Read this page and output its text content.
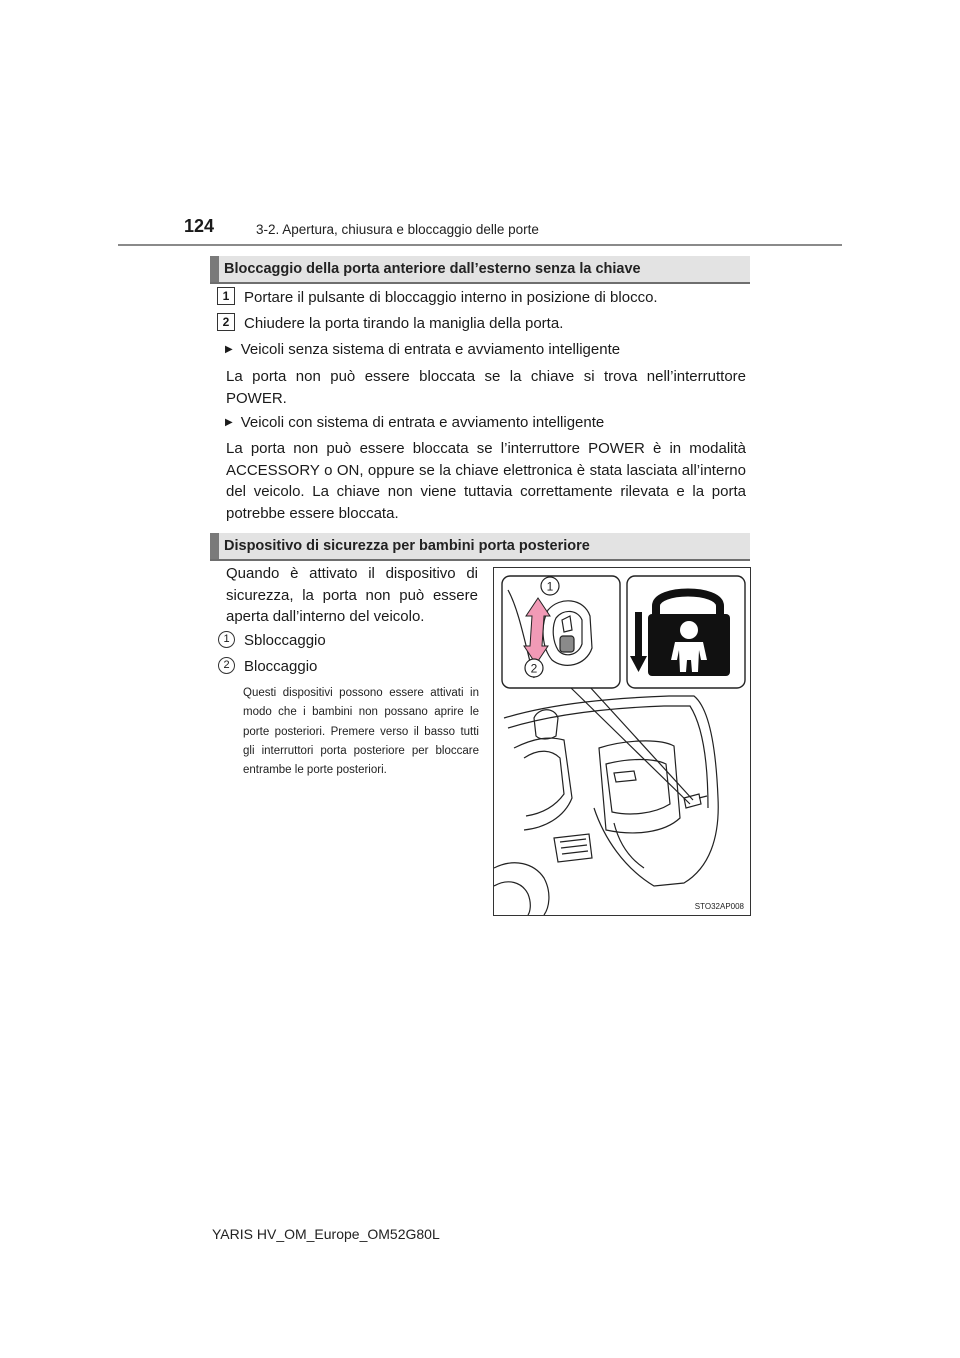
124	3-2. Apertura, chiusura e bloccaggio delle porte
Bloccaggio della porta anteriore dall’esterno senza la chiave
1 Portare il pulsante di bloccaggio interno in posizione di blocco.
2 Chiudere la porta tirando la maniglia della porta.
▶ Veicoli senza sistema di entrata e avviamento intelligente
La porta non può essere bloccata se la chiave si trova nell’interruttore POWER.
▶ Veicoli con sistema di entrata e avviamento intelligente
La porta non può essere bloccata se l’interruttore POWER è in modalità ACCESSORY o ON, oppure se la chiave elettronica è stata lasciata all’interno del veicolo. La chiave non viene tuttavia correttamente rilevata e la porta potrebbe essere bloccata.
Dispositivo di sicurezza per bambini porta posteriore
Quando è attivato il dispositivo di sicurezza, la porta non può essere aperta dall’interno del veicolo.
1 Sbloccaggio
2 Bloccaggio
Questi dispositivi possono essere attivati in modo che i bambini non possano aprire le porte posteriori. Premere verso il basso tutti gli interruttori porta posteriore per bloccare entrambe le porte posteriori.
1
2
STO32AP008
YARIS HV_OM_Europe_OM52G80L
